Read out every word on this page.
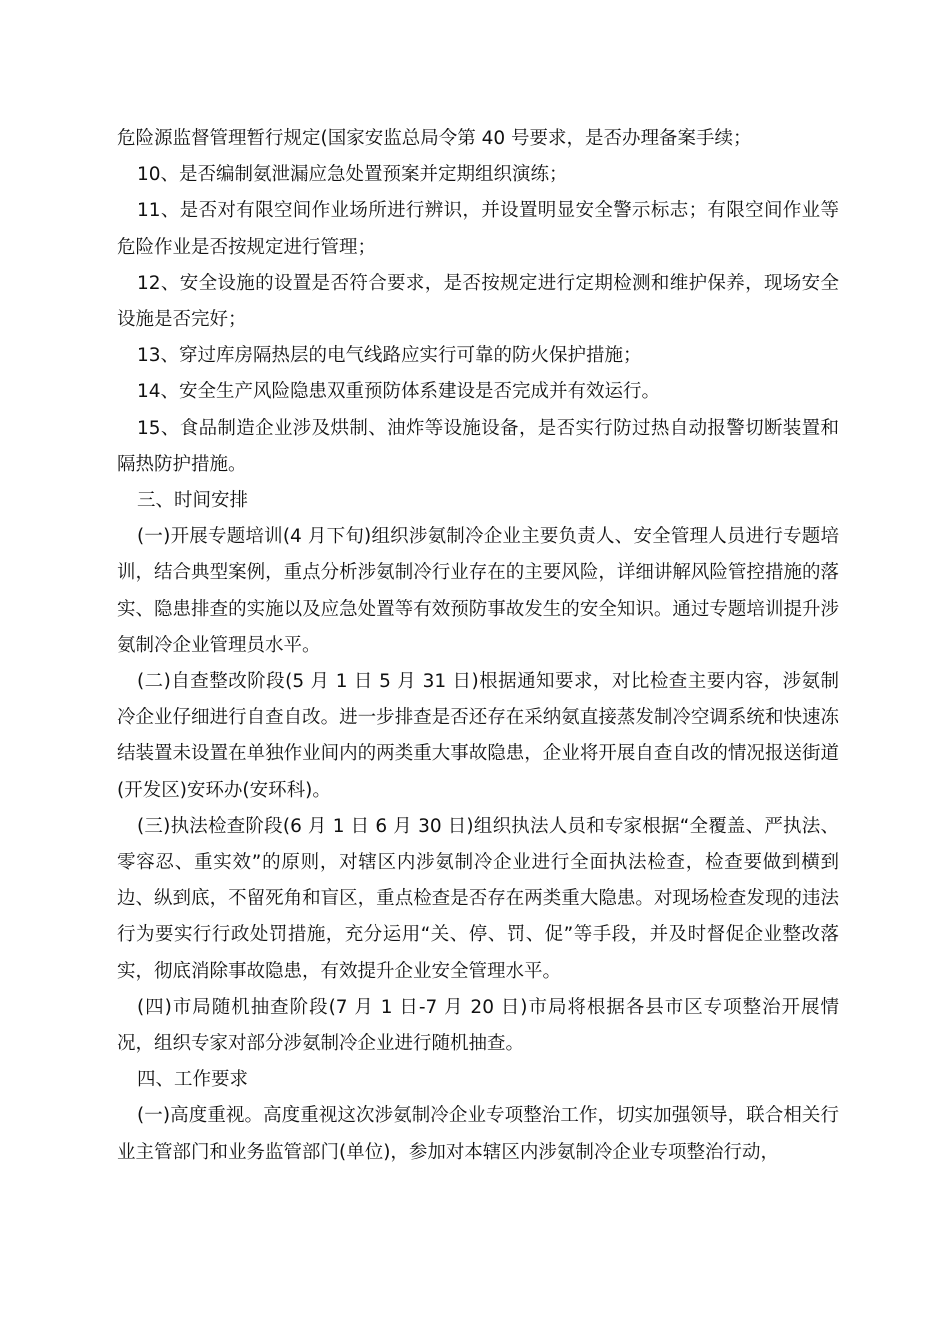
危险源监督管理暂行规定(国家安监总局令第 40 号要求，是否办理备案手续；

10、是否编制氨泄漏应急处置预案并定期组织演练；

11、是否对有限空间作业场所进行辨识，并设置明显安全警示标志；有限空间作业等危险作业是否按规定进行管理；

12、安全设施的设置是否符合要求，是否按规定进行定期检测和维护保养，现场安全设施是否完好；

13、穿过库房隔热层的电气线路应实行可靠的防火保护措施；

14、安全生产风险隐患双重预防体系建设是否完成并有效运行。

15、食品制造企业涉及烘制、油炸等设施设备，是否实行防过热自动报警切断装置和隔热防护措施。

三、时间安排

(一)开展专题培训(4 月下旬)组织涉氨制冷企业主要负责人、安全管理人员进行专题培训，结合典型案例，重点分析涉氨制冷行业存在的主要风险，详细讲解风险管控措施的落实、隐患排查的实施以及应急处置等有效预防事故发生的安全知识。通过专题培训提升涉氨制冷企业管理员水平。

(二)自查整改阶段(5 月 1 日 5 月 31 日)根据通知要求，对比检查主要内容，涉氨制冷企业仔细进行自查自改。进一步排查是否还存在采纳氨直接蒸发制冷空调系统和快速冻结装置未设置在单独作业间内的两类重大事故隐患，企业将开展自查自改的情况报送街道(开发区)安环办(安环科)。

(三)执法检查阶段(6 月 1 日 6 月 30 日)组织执法人员和专家根据“全覆盖、严执法、零容忍、重实效”的原则，对辖区内涉氨制冷企业进行全面执法检查，检查要做到横到边、纵到底，不留死角和盲区，重点检查是否存在两类重大隐患。对现场检查发现的违法行为要实行行政处罚措施，充分运用“关、停、罚、促”等手段，并及时督促企业整改落实，彻底消除事故隐患，有效提升企业安全管理水平。

(四)市局随机抽查阶段(7 月 1 日-7 月 20 日)市局将根据各县市区专项整治开展情况，组织专家对部分涉氨制冷企业进行随机抽查。

四、工作要求

(一)高度重视。高度重视这次涉氨制冷企业专项整治工作，切实加强领导，联合相关行业主管部门和业务监管部门(单位)，参加对本辖区内涉氨制冷企业专项整治行动，
